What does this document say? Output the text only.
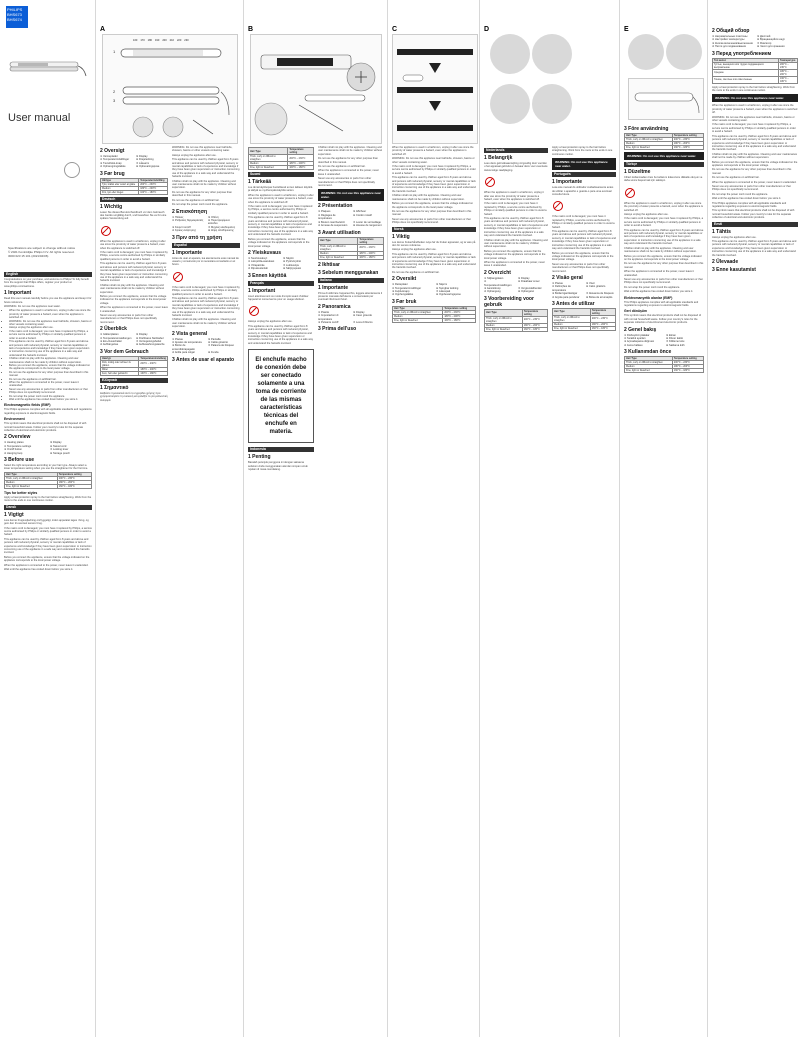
PHILIPS
BHS673
BHS674
User manual
Specifications are subject to change without notice
© 2021 Koninklijke Philips N.V. All rights reserved.
3000 023 15 101 (2021/04/06)
English

Congratulations on your purchase, and welcome to Philips! To fully benefit from the support that Philips offers, register your product at www.philips.com/welcome.

1 Important

Read this user manual carefully before you use the appliance and keep it for future reference.

WARNING: Do not use this appliance near water.

• When the appliance is used in a bathroom, unplug it after use since the proximity of water presents a hazard, even when the appliance is switched off.
• WARNING: Do not use this appliance near bathtubs, showers, basins or other vessels containing water.
• Always unplug the appliance after use.
• If the mains cord is damaged, you must have it replaced by Philips, a service centre authorised by Philips or similarly qualified persons in order to avoid a hazard.
• This appliance can be used by children aged from 8 years and above and persons with reduced physical, sensory or mental capabilities or lack of experience and knowledge if they have been given supervision or instruction concerning use of the appliance in a safe way and understand the hazards involved.
• Children shall not play with the appliance. Cleaning and user maintenance shall not be made by children without supervision.
• Before you connect the appliance, ensure that the voltage indicated on the appliance corresponds to the local power voltage.
• Do not use the appliance for any other purpose than described in this manual.
• Do not use the appliance on artificial hair.
• When the appliance is connected to the power, never leave it unattended.
• Never use any accessories or parts from other manufacturers or that Philips does not specifically recommend.
• Do not wrap the power cord round the appliance.
• Wait until the appliance has cooled down before you store it.
Electromagnetic fields (EMF)

This Philips appliance complies with all applicable standards and regulations regarding exposure to electromagnetic fields.

Environment

This symbol means that electrical products shall not be disposed of with normal household waste. Follow your country's rules for the separate collection of electrical and electronic products.

2 Overview
① Heating plates	⑤ Display
② Temperature settings	⑥ Swivel cord
③ On/off button	⑦ Locking lever
④ Hanging loop	⑧ Storage pouch
3 Before use

Select the right temperature according to your hair type. Always select a lower temperature setting when you use the straightener for the first time.

Hair Type	Temperature setting
Thick, curly or difficult to straighten	200°C – 230°C
Medium	180°C – 200°C
Fine, light or bleached	160°C – 180°C
Tips for better styles

Apply a heat protection spray to the hair before straightening. Work from the roots to the ends in one continuous motion.

Dansk
1 Vigtigt

Læs denne brugsvejledning omhyggeligt, inden apparatet tages i brug, og gem den til eventuel senere brug.

If the mains cord is damaged, you must have it replaced by Philips, a service centre authorised by Philips or similarly qualified persons in order to avoid a hazard.

This appliance can be used by children aged from 8 years and above and persons with reduced physical, sensory or mental capabilities or lack of experience and knowledge if they have been given supervision or instruction concerning use of the appliance in a safe way and understand the hazards involved.

Before you connect the appliance, ensure that the voltage indicated on the appliance corresponds to the local power voltage.

When the appliance is connected to the power, never leave it unattended.

Wait until the appliance has cooled down before you store it.

A
1
2
3
160 170 180 190 200 210 220 230
2 Oversigt
① Varmeplader	⑤ Display
② Temperaturindstillinger	⑥ Drejeledning
③ Tænd/sluk-knap	⑦ Låsearm
④ Ophængningsløkke	⑧ Opbevaringspose
3 Før brug
Hårtype	Temperaturindstilling
Tykt, krøllet eller svært at glatte	200°C – 230°C
Medium	180°C – 200°C
Fint, lyst eller bleget	160°C – 180°C
Deutsch
1 Wichtig

Lesen Sie dieses Benutzerhandbuch vor dem Gebrauch des Geräts sorgfältig durch, und bewahren Sie es für eine spätere Verwendung auf.

When the appliance is used in a bathroom, unplug it after use since the proximity of water presents a hazard, even when the appliance is switched off.

If the mains cord is damaged, you must have it replaced by Philips, a service centre authorised by Philips or similarly qualified persons in order to avoid a hazard.

This appliance can be used by children aged from 8 years and above and persons with reduced physical, sensory or mental capabilities or lack of experience and knowledge if they have been given supervision or instruction concerning use of the appliance in a safe way and understand the hazards involved.

Children shall not play with the appliance. Cleaning and user maintenance shall not be made by children without supervision.

Before you connect the appliance, ensure that the voltage indicated on the appliance corresponds to the local power voltage.

When the appliance is connected to the power, never leave it unattended.

Never use any accessories or parts from other manufacturers or that Philips does not specifically recommend.

2 Überblick
① Glätterplatten	⑤ Display
② Temperatureinstellungen ⑥ Drehbares Netzkabel
③ Ein-/Ausschalter	⑦ Verriegelungshebel
④ Aufhängeöse	⑧ Aufbewahrungstasche
3 Vor dem Gebrauch
Haartyp	Temperatureinstellung
Dick, lockig oder schwer zu glätten	200°C – 230°C
Mittel	180°C – 200°C
Fein, hell oder gebleicht	160°C – 180°C
Ελληνικά
1 Σημαντικό

Διαβάστε προσεκτικά αυτό το εγχειρίδιο χρήσης πριν χρησιμοποιήσετε τη συσκευή και φυλάξτε το για μελλοντική αναφορά.

WARNING: Do not use this appliance near bathtubs, showers, basins or other vessels containing water.

Always unplug the appliance after use.

This appliance can be used by children aged from 8 years and above and persons with reduced physical, sensory or mental capabilities or lack of experience and knowledge if they have been given supervision or instruction concerning use of the appliance in a safe way and understand the hazards involved.

Children shall not play with the appliance. Cleaning and user maintenance shall not be made by children without supervision.

Do not use the appliance for any other purpose than described in this manual.

Do not use the appliance on artificial hair.

Do not wrap the power cord round the appliance.

2 Επισκόπηση
① Πλάκες	⑤ Οθόνη
② Ρυθμίσεις θερμοκρασίας ⑥ Περιστρεφόμενο καλώδιο
③ Κουμπί on/off	⑦ Μοχλός κλειδώματος
④ Κρίκος ανάρτησης	⑧ Θήκη αποθήκευσης
3 Πριν από τη χρήση
Español
1 Importante

Antes de usar el aparato, lea atentamente este manual de usuario y consérvelo por si necesitara consultarlo en el futuro.

If the mains cord is damaged, you must have it replaced by Philips, a service centre authorised by Philips or similarly qualified persons in order to avoid a hazard.

This appliance can be used by children aged from 8 years and above and persons with reduced physical, sensory or mental capabilities or lack of experience and knowledge if they have been given supervision or instruction concerning use of the appliance in a safe way and understand the hazards involved.

Children shall not play with the appliance. Cleaning and user maintenance shall not be made by children without supervision.

2 Vista general
① Placas	⑤ Pantalla
② Ajustes de temperatura	⑥ Cable giratorio
③ Botón de encendido/apagado
⑦ Palanca de bloqueo
④ Anilla para colgar	⑧ Funda
3 Antes de usar el aparato
B
Hair Type	Temperature setting
Thick, curly or difficult to straighten	200°C – 230°C
Medium	180°C – 200°C
Fine, light or bleached	160°C – 180°C
Suomi
1 Tärkeää

Lue tämä käyttöopas huolellisesti ennen laitteen käyttöä ja säilytä se myöhempää käyttöä varten.

When the appliance is used in a bathroom, unplug it after use since the proximity of water presents a hazard, even when the appliance is switched off.

If the mains cord is damaged, you must have it replaced by Philips, a service centre authorised by Philips or similarly qualified persons in order to avoid a hazard.

This appliance can be used by children aged from 8 years and above and persons with reduced physical, sensory or mental capabilities or lack of experience and knowledge if they have been given supervision or instruction concerning use of the appliance in a safe way and understand the hazards involved.

Before you connect the appliance, ensure that the voltage indicated on the appliance corresponds to the local power voltage.

2 Yleiskuvaus
① Suoristuslevyt	⑤ Näyttö
② Lämpötila-asetukset	⑥ Pyörivä johto
③ Virtapainike	⑦ Lukitusvipu
④ Ripustuslenkki	⑧ Säilytyspussi
3 Ennen käyttöä
Français
1 Important

Lisez attentivement ce mode d'emploi avant d'utiliser l'appareil et conservez-le pour un usage ultérieur.

Always unplug the appliance after use.

This appliance can be used by children aged from 8 years and above and persons with reduced physical, sensory or mental capabilities or lack of experience and knowledge if they have been given supervision or instruction concerning use of the appliance in a safe way and understand the hazards involved.

El enchufe macho de conexión debe ser conectado solamente a una toma de corriente de las mismas características técnicas del enchufe en materia.
Indonesia
1 Penting

Bacalah petunjuk pengguna ini dengan saksama sebelum Anda menggunakan alat dan simpan untuk rujukan di masa mendatang.

Children shall not play with the appliance. Cleaning and user maintenance shall not be made by children without supervision.

Do not use the appliance for any other purpose than described in this manual.

Do not use the appliance on artificial hair.

When the appliance is connected to the power, never leave it unattended.

Never use any accessories or parts from other manufacturers or that Philips does not specifically recommend.

WARNING: Do not use this appliance near water.
2 Présentation
① Plaques	⑤ Afficheur
② Réglages de température
⑥ Cordon rotatif
③ Bouton marche/arrêt	⑦ Levier de verrouillage
④ Anneau de suspension	⑧ Housse de rangement
3 Avant utilisation
Hair Type	Temperature setting
Thick, curly or difficult to straighten	200°C – 230°C
Medium	180°C – 200°C
Fine, light or bleached	160°C – 180°C
2 Ikhtisar
3 Sebelum menggunakan
Italiano
1 Importante

Prima di utilizzare l'apparecchio, leggete attentamente il presente manuale dell'utente e conservatelo per eventuali riferimenti futuri.

2 Panoramica
① Piastre	⑤ Display
② Impostazioni di temperatura
⑥ Cavo girevole
③ Pulsante on/off	⑦ Leva di blocco
3 Prima dell'uso
C

When the appliance is used in a bathroom, unplug it after use since the proximity of water presents a hazard, even when the appliance is switched off.

WARNING: Do not use this appliance near bathtubs, showers, basins or other vessels containing water.

If the mains cord is damaged, you must have it replaced by Philips, a service centre authorised by Philips or similarly qualified persons in order to avoid a hazard.

This appliance can be used by children aged from 8 years and above and persons with reduced physical, sensory or mental capabilities or lack of experience and knowledge if they have been given supervision or instruction concerning use of the appliance in a safe way and understand the hazards involved.

Children shall not play with the appliance. Cleaning and user maintenance shall not be made by children without supervision.

Before you connect the appliance, ensure that the voltage indicated on the appliance corresponds to the local power voltage.

Do not use the appliance for any other purpose than described in this manual.

Never use any accessories or parts from other manufacturers or that Philips does not specifically recommend.

Norsk
1 Viktig

Les denne brukerhåndboken nøye før du bruker apparatet, og ta vare på den for senere referanse.

Always unplug the appliance after use.

This appliance can be used by children aged from 8 years and above and persons with reduced physical, sensory or mental capabilities or lack of experience and knowledge if they have been given supervision or instruction concerning use of the appliance in a safe way and understand the hazards involved.

Do not use the appliance on artificial hair.

2 Oversikt
① Retteplater	⑤ Skjerm
② Temperaturinnstillinger	⑥ Svingbar ledning
③ Av/på-knapp	⑦ Låsespak
④ Opphengsløkke	⑧ Oppbevaringspose
3 Før bruk
Hair Type	Temperature setting
Thick, curly or difficult to straighten	200°C – 230°C
Medium	180°C – 200°C
Fine, light or bleached	160°C – 180°C
D
Nederlands
1 Belangrijk

Lees deze gebruiksaanwijzing zorgvuldig door voordat u het apparaat gebruikt en bewaar deze voor eventuele toekomstige raadpleging.

When the appliance is used in a bathroom, unplug it after use since the proximity of water presents a hazard, even when the appliance is switched off.

If the mains cord is damaged, you must have it replaced by Philips, a service centre authorised by Philips or similarly qualified persons in order to avoid a hazard.

This appliance can be used by children aged from 8 years and above and persons with reduced physical, sensory or mental capabilities or lack of experience and knowledge if they have been given supervision or instruction concerning use of the appliance in a safe way and understand the hazards involved.

Children shall not play with the appliance. Cleaning and user maintenance shall not be made by children without supervision.

Before you connect the appliance, ensure that the voltage indicated on the appliance corresponds to the local power voltage.

When the appliance is connected to the power, never leave it unattended.

2 Overzicht
① Stijltangplaten	⑤ Display
② Temperatuurinstellingen
⑥ Draaibaar snoer
③ Aan/uitknop	⑦ Vergrendelhendel
④ Ophangoog	⑧ Opbergetui
3 Voorbereiding voor gebruik
Hair Type	Temperature setting
Thick, curly or difficult to straighten	200°C – 230°C
Medium	180°C – 200°C
Fine, light or bleached	160°C – 180°C

Apply a heat protection spray to the hair before straightening. Work from the roots to the ends in one continuous motion.

WARNING: Do not use this appliance near water.
Português
1 Importante

Leia este manual do utilizador cuidadosamente antes de utilizar o aparelho e guarde-o para uma eventual consulta futura.

If the mains cord is damaged, you must have it replaced by Philips, a service centre authorised by Philips or similarly qualified persons in order to avoid a hazard.

This appliance can be used by children aged from 8 years and above and persons with reduced physical, sensory or mental capabilities or lack of experience and knowledge if they have been given supervision or instruction concerning use of the appliance in a safe way and understand the hazards involved.

Before you connect the appliance, ensure that the voltage indicated on the appliance corresponds to the local power voltage.

Never use any accessories or parts from other manufacturers or that Philips does not specifically recommend.

2 Visão geral
① Placas	⑤ Visor
② Definições de temperatura
⑥ Cabo giratório
③ Botão ligar/desligar	⑦ Alavanca de bloqueio
④ Argola para pendurar	⑧ Bolsa de arrumação
3 Antes de utilizar
Hair Type	Temperature setting
Thick, curly or difficult to straighten	200°C – 230°C
Medium	180°C – 200°C
Fine, light or bleached	160°C – 180°C
E
3 Före användning
Hair Type	Temperature setting
Thick, curly or difficult to straighten	200°C – 230°C
Medium	180°C – 200°C
Fine, light or bleached	160°C – 180°C
WARNING: Do not use this appliance near water.
Türkçe
1 Düzeltme

Cihazı kullanmadan önce bu kullanım kılavuzunu dikkatle okuyun ve daha sonra başvurmak için saklayın.

When the appliance is used in a bathroom, unplug it after use since the proximity of water presents a hazard, even when the appliance is switched off.

Always unplug the appliance after use.

If the mains cord is damaged, you must have it replaced by Philips, a service centre authorised by Philips or similarly qualified persons in order to avoid a hazard.

This appliance can be used by children aged from 8 years and above and persons with reduced physical, sensory or mental capabilities or lack of experience and knowledge if they have been given supervision or instruction concerning use of the appliance in a safe way and understand the hazards involved.

Children shall not play with the appliance. Cleaning and user maintenance shall not be made by children without supervision.

Before you connect the appliance, ensure that the voltage indicated on the appliance corresponds to the local power voltage.

Do not use the appliance for any other purpose than described in this manual.

When the appliance is connected to the power, never leave it unattended.

Never use any accessories or parts from other manufacturers or that Philips does not specifically recommend.

Do not wrap the power cord round the appliance.

Wait until the appliance has cooled down before you store it.

Elektromanyetik alanlar (EMF)

This Philips appliance complies with all applicable standards and regulations regarding exposure to electromagnetic fields.

Geri dönüşüm

This symbol means that electrical products shall not be disposed of with normal household waste. Follow your country's rules for the separate collection of electrical and electronic products.

2 Genel bakış
① Düzleştirici plakalar	⑤ Ekran
② Sıcaklık ayarları	⑥ Döner kablo
③ Açma/kapama düğmesi	⑦ Kilitleme kolu
④ Asma halkası	⑧ Saklama kılıfı
3 Kullanımdan önce
Hair Type	Temperature setting
Thick, curly or difficult to straighten	200°C – 230°C
Medium	180°C – 200°C
Fine, light or bleached	160°C – 180°C
2 Общий обзор
① Нагревательные пластины	⑤ Дисплей
② Настройки температуры	⑥ Вращающийся шнур
③ Кнопка включения/выключения ⑦ Фиксатор
④ Петля для подвешивания	⑧ Чехол для хранения
3 Перед употреблением
Тип волос	Температура
Густые, вьющиеся или трудно поддающиеся выпрямлению	200°C – 230°C
Средние	180°C – 200°C
Тонкие, светлые или осветленные	160°C – 180°C

Apply a heat protection spray to the hair before straightening. Work from the roots to the ends in one continuous motion.

WARNING: Do not use this appliance near water.

When the appliance is used in a bathroom, unplug it after use since the proximity of water presents a hazard, even when the appliance is switched off.

WARNING: Do not use this appliance near bathtubs, showers, basins or other vessels containing water.

If the mains cord is damaged, you must have it replaced by Philips, a service centre authorised by Philips or similarly qualified persons in order to avoid a hazard.

This appliance can be used by children aged from 8 years and above and persons with reduced physical, sensory or mental capabilities or lack of experience and knowledge if they have been given supervision or instruction concerning use of the appliance in a safe way and understand the hazards involved.

Children shall not play with the appliance. Cleaning and user maintenance shall not be made by children without supervision.

Before you connect the appliance, ensure that the voltage indicated on the appliance corresponds to the local power voltage.

Do not use the appliance for any other purpose than described in this manual.

Do not use the appliance on artificial hair.

When the appliance is connected to the power, never leave it unattended.

Never use any accessories or parts from other manufacturers or that Philips does not specifically recommend.

Do not wrap the power cord round the appliance.

Wait until the appliance has cooled down before you store it.

This Philips appliance complies with all applicable standards and regulations regarding exposure to electromagnetic fields.

This symbol means that electrical products shall not be disposed of with normal household waste. Follow your country's rules for the separate collection of electrical and electronic products.

Eesti
1 Tähtis

Always unplug the appliance after use.

This appliance can be used by children aged from 8 years and above and persons with reduced physical, sensory or mental capabilities or lack of experience and knowledge if they have been given supervision or instruction concerning use of the appliance in a safe way and understand the hazards involved.

2 Ülevaade
3 Enne kasutamist
